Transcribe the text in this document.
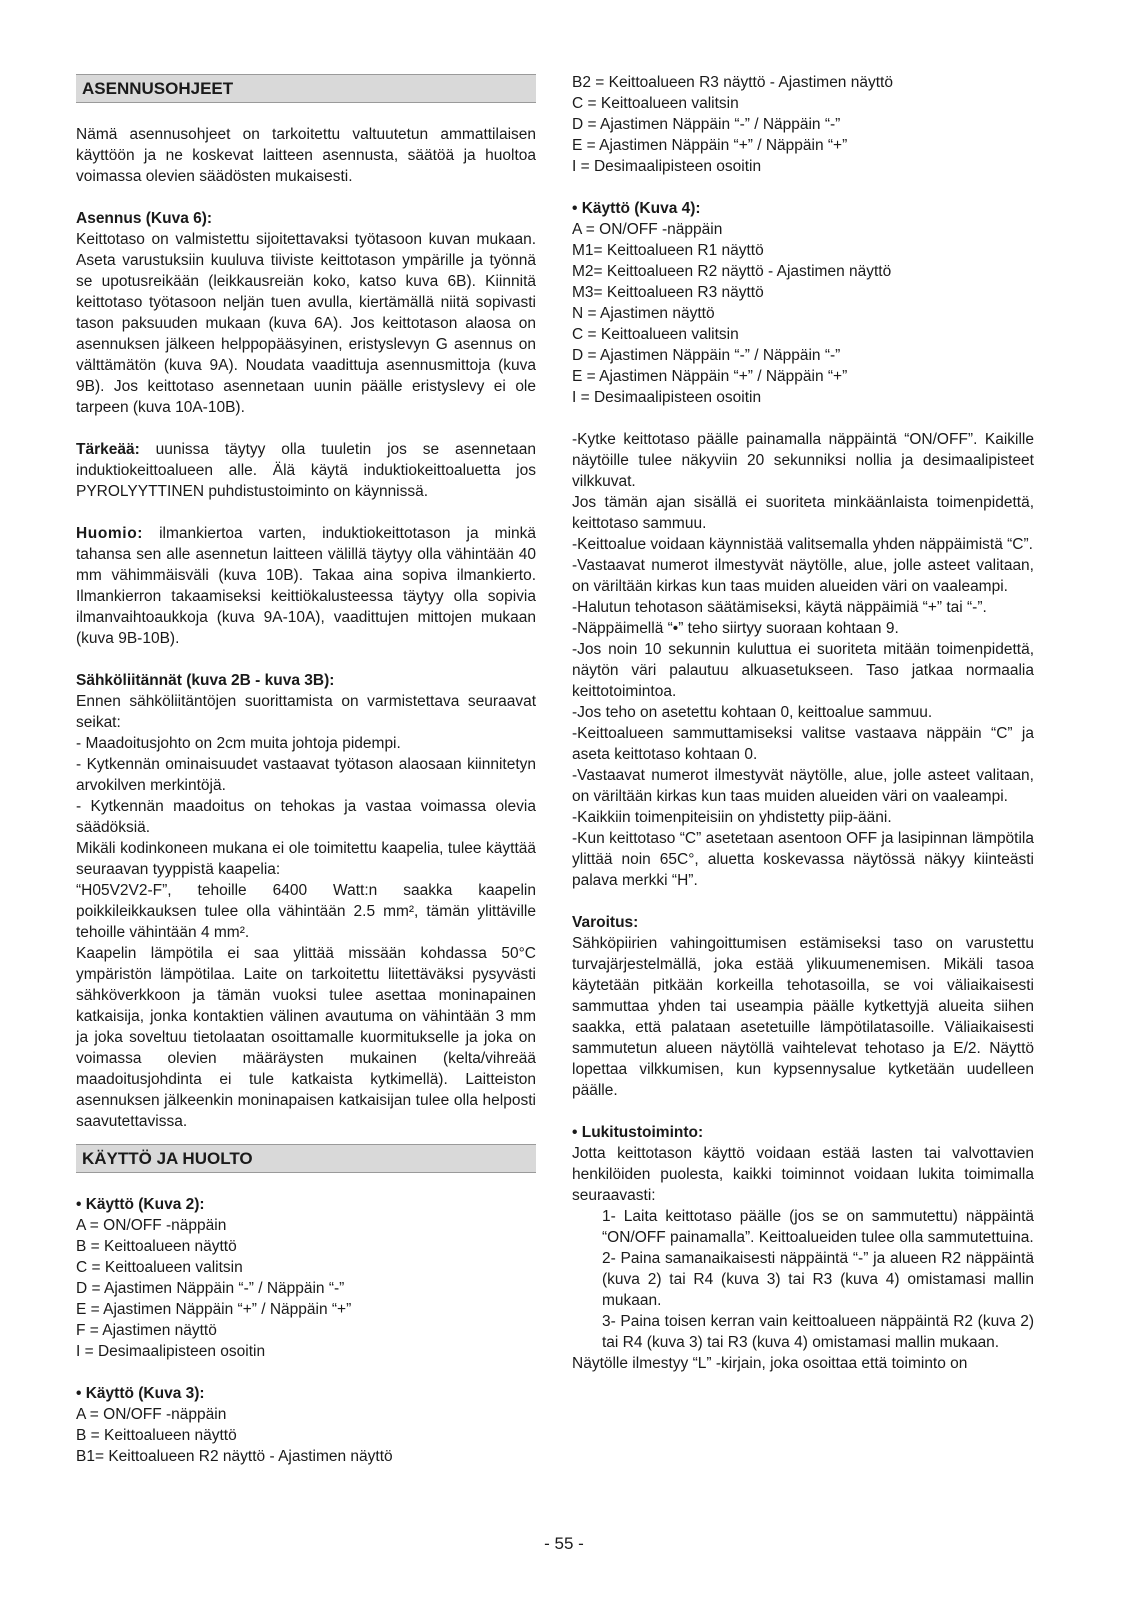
ASENNUSOHJEET

Nämä asennusohjeet on tarkoitettu valtuutetun ammattilaisen käyttöön ja ne koskevat laitteen asennusta, säätöä ja huoltoa voimassa olevien säädösten mukaisesti.

Asennus (Kuva 6):

Keittotaso on valmistettu sijoitettavaksi työtasoon kuvan mukaan. Aseta varustuksiin kuuluva tiiviste keittotason ympärille ja työnnä se upotusreikään (leikkausreiän koko, katso kuva 6B). Kiinnitä keittotaso työtasoon neljän tuen avulla, kiertämällä niitä sopivasti tason paksuuden mukaan (kuva 6A). Jos keittotason alaosa on asennuksen jälkeen helppopääsyinen, eristyslevyn G asennus on välttämätön (kuva 9A). Noudata vaadittuja asennusmittoja (kuva 9B). Jos keittotaso asennetaan uunin päälle eristyslevy ei ole tarpeen (kuva 10A-10B).

Tärkeää: uunissa täytyy olla tuuletin jos se asennetaan induktiokeittoalueen alle. Älä käytä induktiokeittoaluetta jos PYROLYYTTINEN puhdistustoiminto on käynnissä.

Huomio: ilmankiertoa varten, induktiokeittotason ja minkä tahansa sen alle asennetun laitteen välillä täytyy olla vähintään 40 mm vähimmäisväli (kuva 10B). Takaa aina sopiva ilmankierto. Ilmankierron takaamiseksi keittiökalusteessa täytyy olla sopivia ilmanvaihtoaukkoja (kuva 9A-10A), vaadittujen mittojen mukaan (kuva 9B-10B).

Sähköliitännät (kuva 2B - kuva 3B):

Ennen sähköliitäntöjen suorittamista on varmistettava seuraavat seikat:

- Maadoitusjohto on 2cm muita johtoja pidempi.

- Kytkennän ominaisuudet vastaavat työtason alaosaan kiinnitetyn arvokilven merkintöjä.

- Kytkennän maadoitus on tehokas ja vastaa voimassa olevia säädöksiä.

Mikäli kodinkoneen mukana ei ole toimitettu kaapelia, tulee käyttää seuraavan tyyppistä kaapelia:

“H05V2V2-F”, tehoille 6400 Watt:n saakka kaapelin poikkileikkauksen tulee olla vähintään 2.5 mm², tämän ylittäville tehoille vähintään 4 mm².

Kaapelin lämpötila ei saa ylittää missään kohdassa 50°C ympäristön lämpötilaa. Laite on tarkoitettu liitettäväksi pysyvästi sähköverkkoon ja tämän vuoksi tulee asettaa moninapainen katkaisija, jonka kontaktien välinen avautuma on vähintään 3 mm ja joka soveltuu tietolaatan osoittamalle kuormitukselle ja joka on voimassa olevien määräysten mukainen (kelta/vihreää maadoitusjohdinta ei tule katkaista kytkimellä). Laitteiston asennuksen jälkeenkin moninapaisen katkaisijan tulee olla helposti saavutettavissa.

KÄYTTÖ JA HUOLTO

• Käyttö (Kuva 2):

A = ON/OFF -näppäin

B = Keittoalueen näyttö

C = Keittoalueen valitsin

D = Ajastimen Näppäin “-” / Näppäin “-”

E = Ajastimen Näppäin “+” / Näppäin “+”

F = Ajastimen näyttö

I = Desimaalipisteen osoitin

• Käyttö (Kuva 3):

A = ON/OFF -näppäin

B = Keittoalueen näyttö

B1= Keittoalueen R2 näyttö - Ajastimen näyttö

B2 = Keittoalueen R3 näyttö - Ajastimen näyttö

C = Keittoalueen valitsin

D = Ajastimen Näppäin “-” / Näppäin “-”

E = Ajastimen Näppäin “+” / Näppäin “+”

I = Desimaalipisteen osoitin

• Käyttö (Kuva 4):

A = ON/OFF -näppäin

M1= Keittoalueen R1 näyttö

M2= Keittoalueen R2 näyttö - Ajastimen näyttö

M3= Keittoalueen R3 näyttö

N = Ajastimen näyttö

C = Keittoalueen valitsin

D = Ajastimen Näppäin “-” / Näppäin “-”

E = Ajastimen Näppäin “+” / Näppäin “+”

I = Desimaalipisteen osoitin

-Kytke keittotaso päälle painamalla näppäintä “ON/OFF”. Kaikille näytöille tulee näkyviin 20 sekunniksi nollia ja desimaalipisteet vilkkuvat.

Jos tämän ajan sisällä ei suoriteta minkäänlaista toimenpidettä, keittotaso sammuu.

-Keittoalue voidaan käynnistää valitsemalla yhden näppäimistä “C”.

-Vastaavat numerot ilmestyvät näytölle, alue, jolle asteet valitaan, on väriltään kirkas kun taas muiden alueiden väri on vaaleampi.

-Halutun tehotason säätämiseksi, käytä näppäimiä “+” tai “-”.

-Näppäimellä “•” teho siirtyy suoraan kohtaan 9.

-Jos noin 10 sekunnin kuluttua ei suoriteta mitään toimenpidettä, näytön väri palautuu alkuasetukseen. Taso jatkaa normaalia keittotoimintoa.

-Jos teho on asetettu kohtaan 0, keittoalue sammuu.

-Keittoalueen sammuttamiseksi valitse vastaava näppäin “C” ja aseta keittotaso kohtaan 0.

-Vastaavat numerot ilmestyvät näytölle, alue, jolle asteet valitaan, on väriltään kirkas kun taas muiden alueiden väri on vaaleampi.

-Kaikkiin toimenpiteisiin on yhdistetty piip-ääni.

-Kun keittotaso “C” asetetaan asentoon OFF ja lasipinnan lämpötila ylittää noin 65C°, aluetta koskevassa näytössä näkyy kiinteästi palava merkki “H”.

Varoitus:

Sähköpiirien vahingoittumisen estämiseksi taso on varustettu turvajärjestelmällä, joka estää ylikuumenemisen. Mikäli tasoa käytetään pitkään korkeilla tehotasoilla, se voi väliaikaisesti sammuttaa yhden tai useampia päälle kytkettyjä alueita siihen saakka, että palataan asetetuille lämpötilatasoille. Väliaikaisesti sammutetun alueen näytöllä vaihtelevat tehotaso ja E/2. Näyttö lopettaa vilkkumisen, kun kypsennysalue kytketään uudelleen päälle.

• Lukitustoiminto:

Jotta keittotason käyttö voidaan estää lasten tai valvottavien henkilöiden puolesta, kaikki toiminnot voidaan lukita toimimalla seuraavasti:

1- Laita keittotaso päälle (jos se on sammutettu) näppäintä “ON/OFF painamalla”. Keittoalueiden tulee olla sammutettuina.

2- Paina samanaikaisesti näppäintä “-” ja alueen R2 näppäintä (kuva 2) tai R4 (kuva 3) tai R3 (kuva 4) omistamasi mallin mukaan.

3- Paina toisen kerran vain keittoalueen näppäintä R2 (kuva 2) tai R4 (kuva 3) tai R3 (kuva 4) omistamasi mallin mukaan.

Näytölle ilmestyy “L” -kirjain, joka osoittaa että toiminto on

- 55 -
